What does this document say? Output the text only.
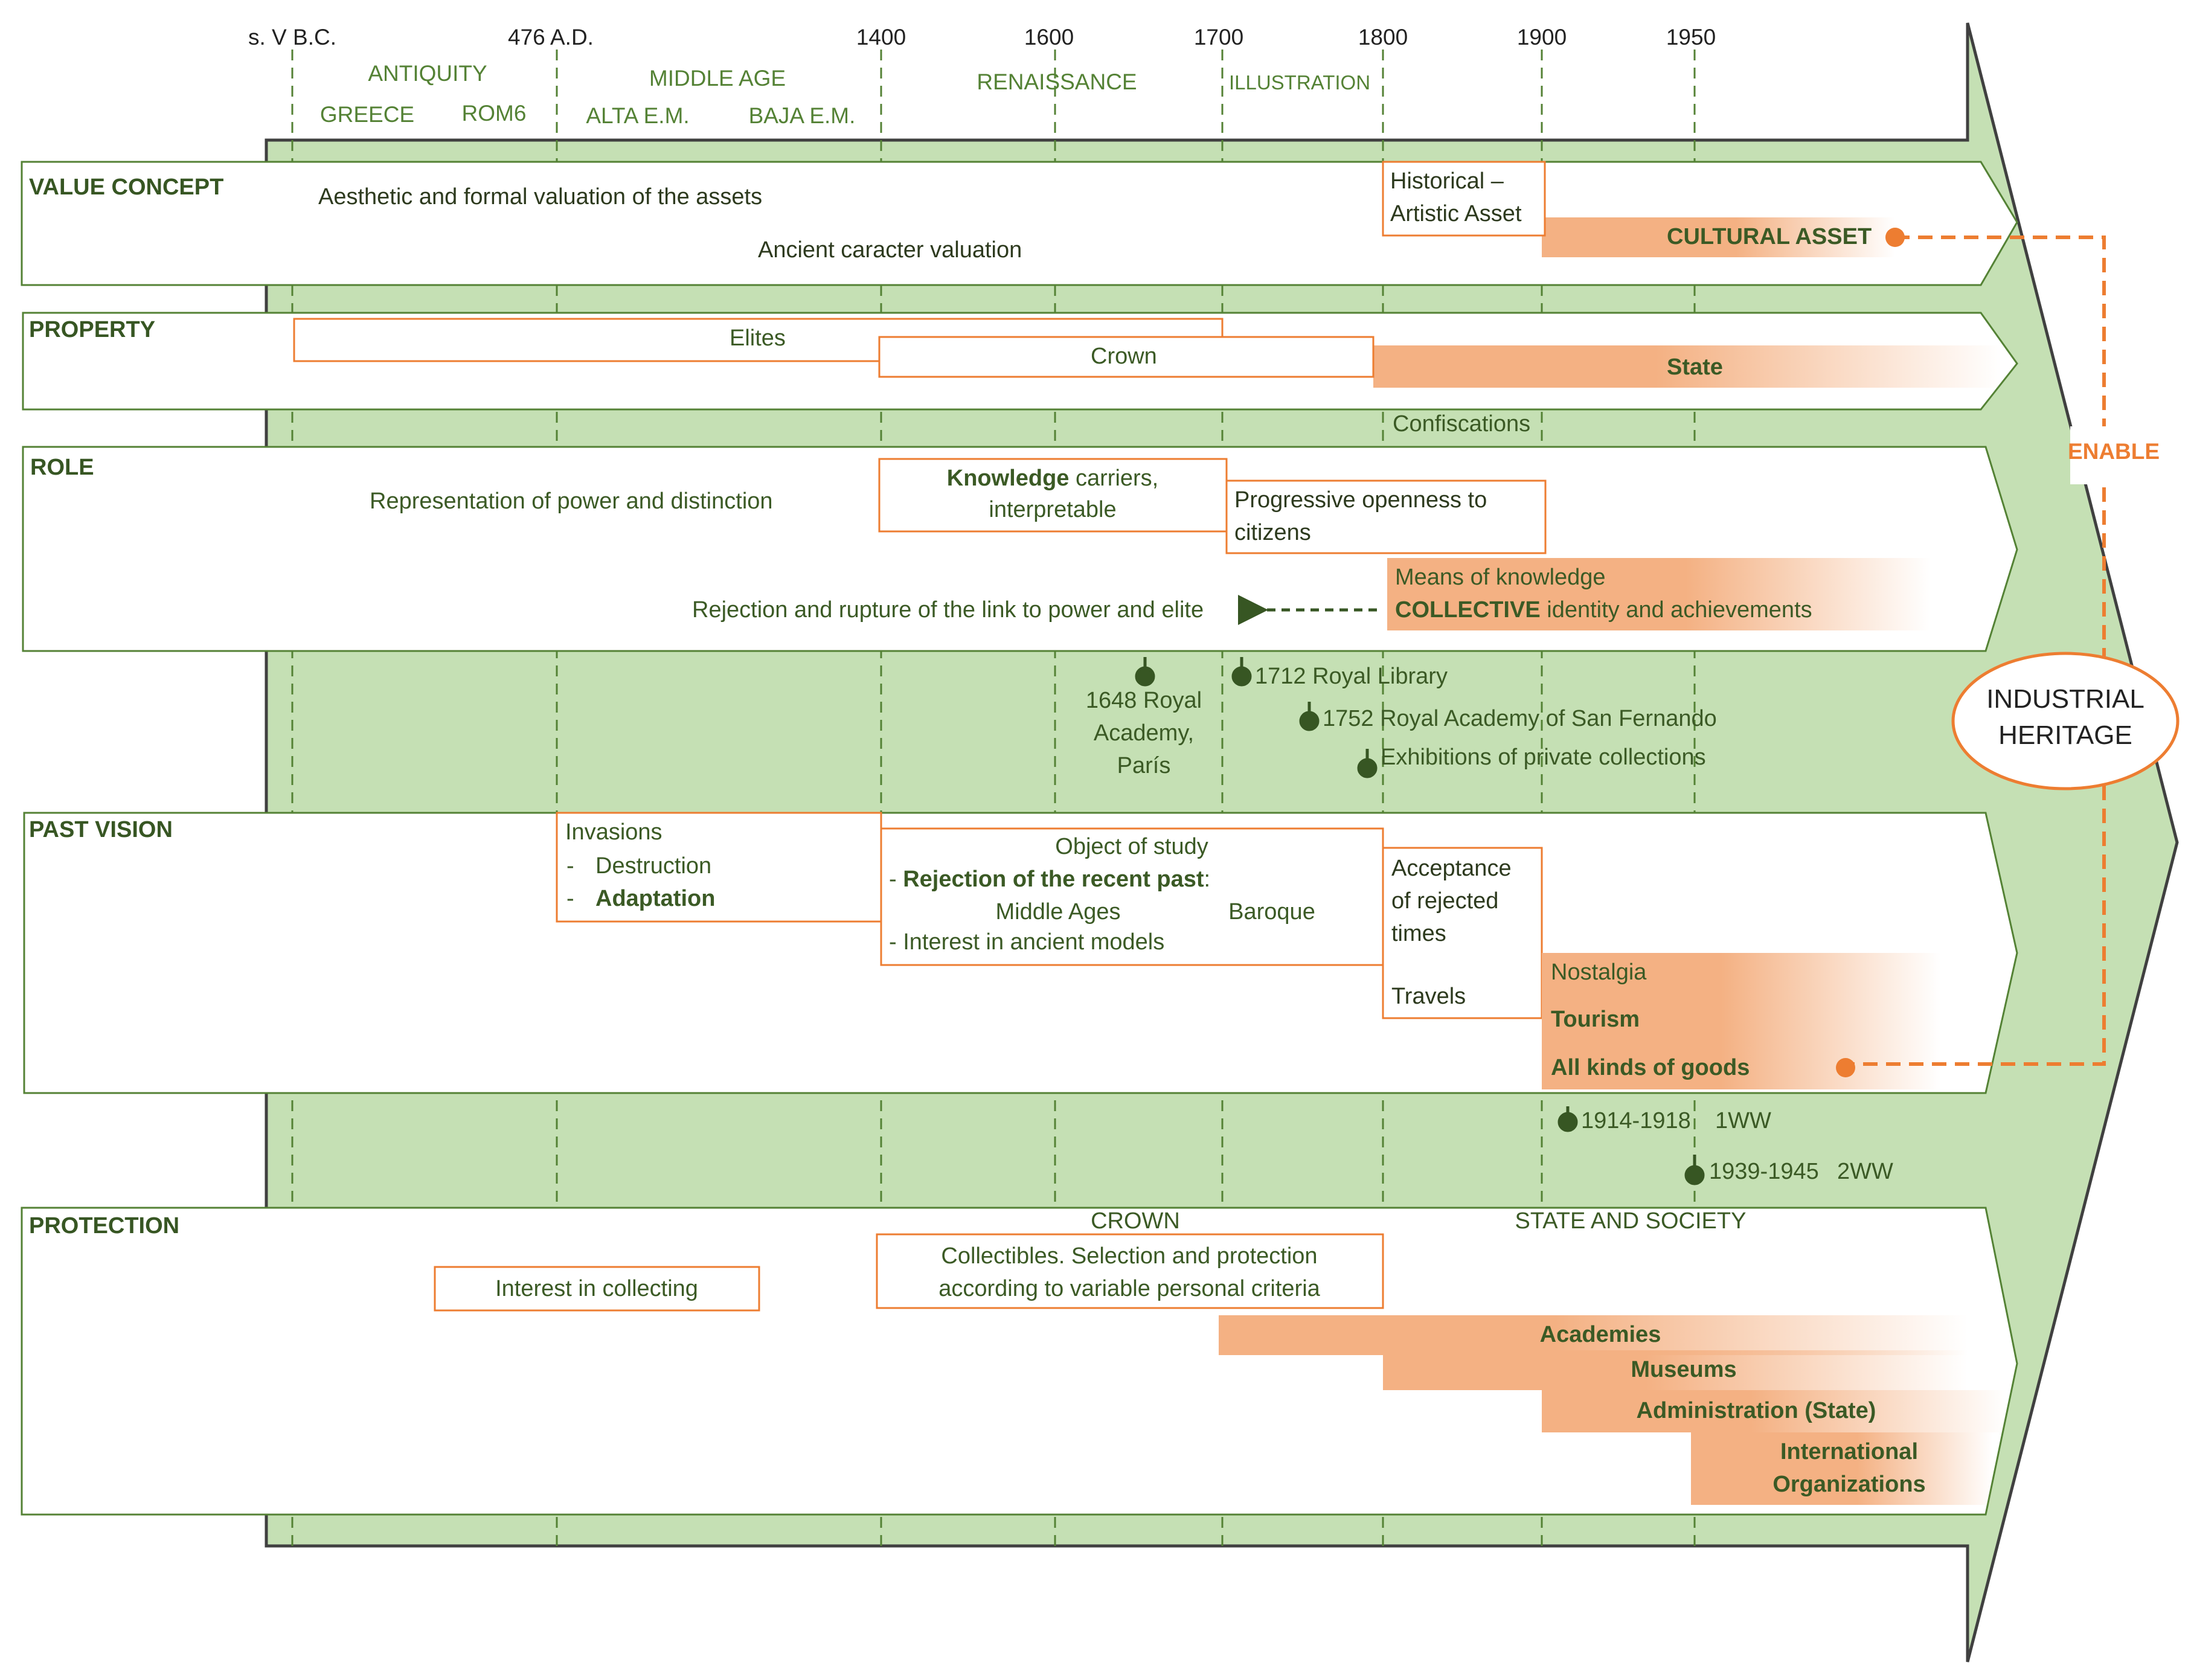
s. V B.C.	476 A.D.	1400	1600	1700	1800	1900	1950
ANTIQUITY
GREECE ROM6
MIDDLE AGE
ALTA E.M.	BAJA E.M.
RENAISSANCE	ILLUSTRATION
VALUE CONCEPT	Aesthetic and formal valuation of the assets
Ancient caracter valuation
CULTURAL ASSET
Historical –
Artistic Asset
PROPERTY	Elites
Crown	State
Confiscations
ROLE
Representation of power and distinction
Knowledge carriers,
interpretable	Progressive openness to
citizens
Means of knowledge
COLLECTIVE identity and achievements
Rejection and rupture of the link to power and elite
1648 Royal
Academy,
París
1712 Royal Library
1752 Royal Academy of San Fernando
Exhibitions of private collections
PAST VISION	Invasions
- Destruction
- Adaptation
Object of study
- Rejection of the recent past:
Middle Ages	Baroque
- Interest in ancient models
Acceptance
of rejected
times
Travels
Nostalgia
Tourism
All kinds of goods
1914-1918 1WW
1939-1945 2WW
PROTECTION	CROWN	STATE AND SOCIETY
Interest in collecting
Collectibles. Selection and protection
according to variable personal criteria
Academies
Museums
Administration (State)
International
Organizations
ENABLE
INDUSTRIAL
HERITAGE
